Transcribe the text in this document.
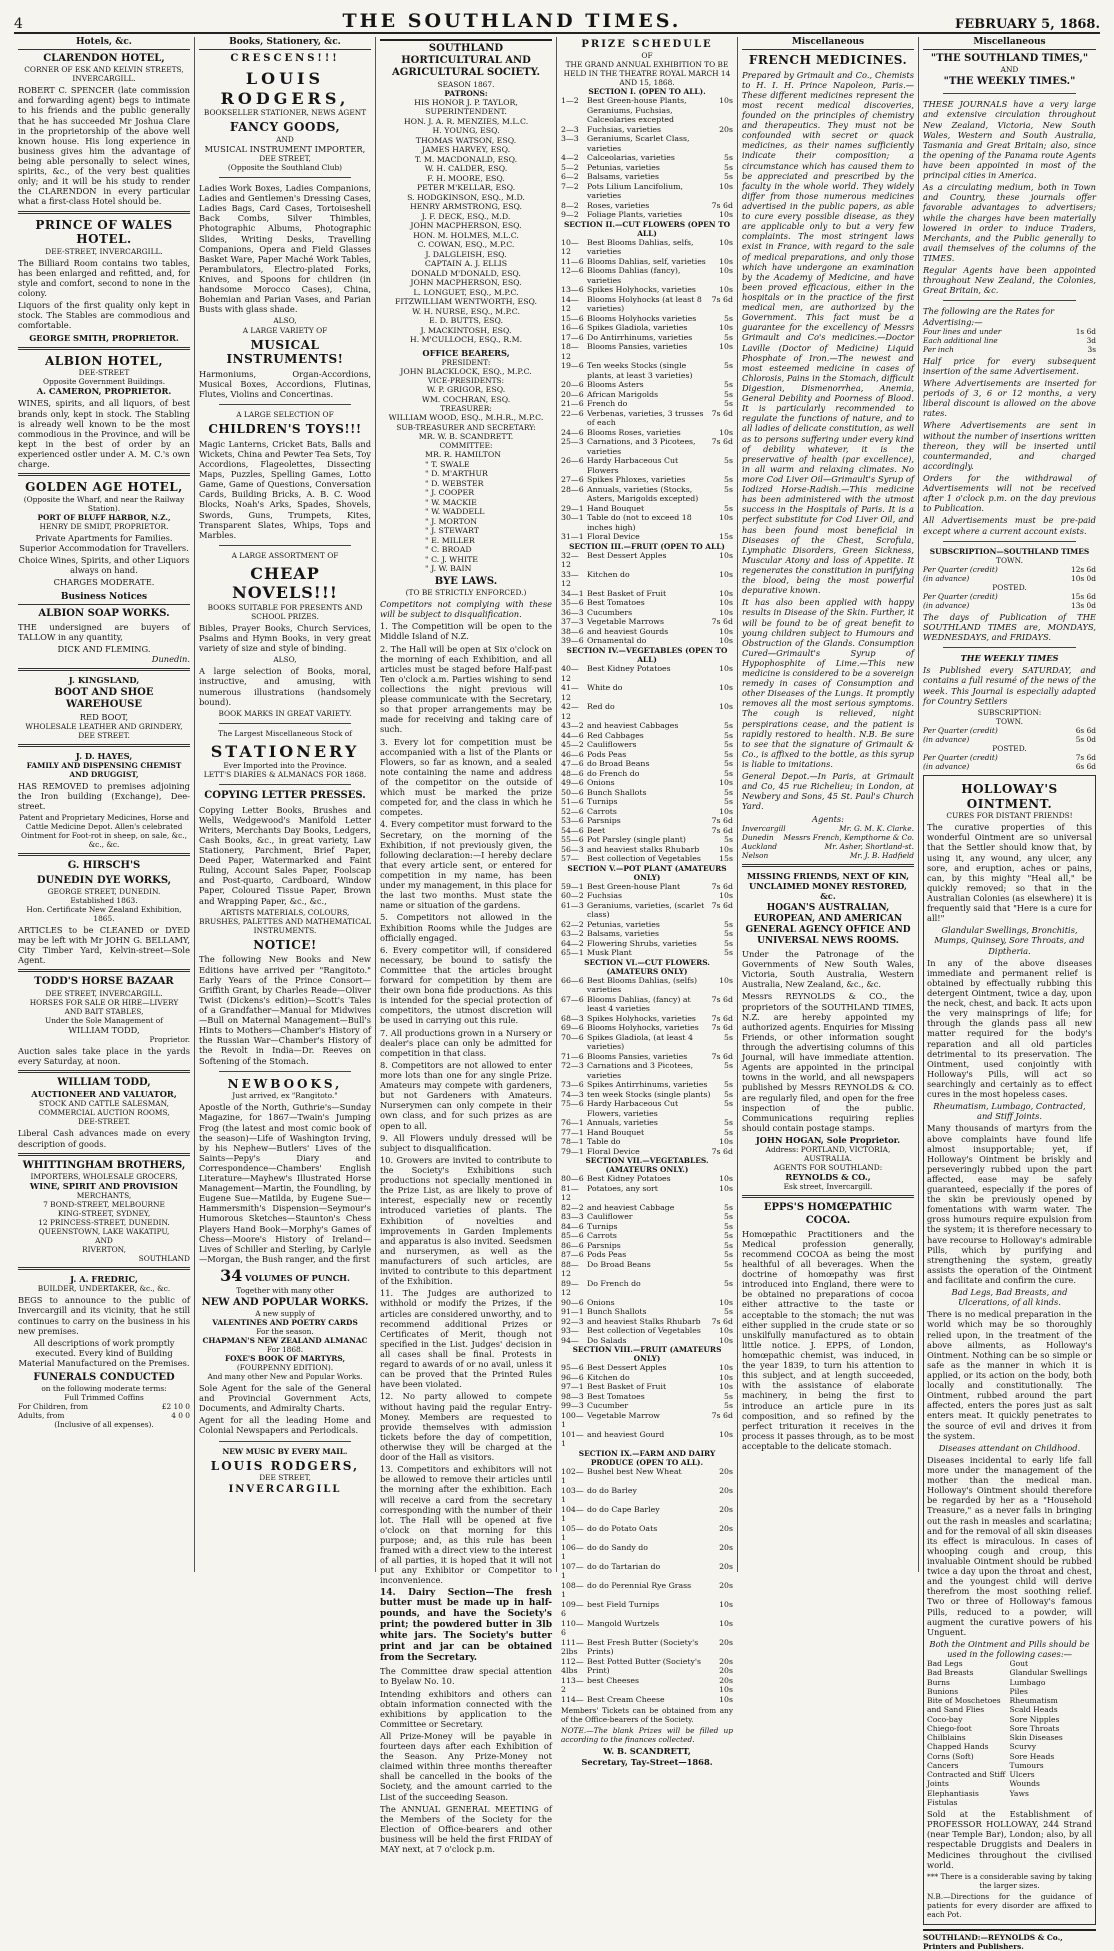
4	THE SOUTHLAND TIMES.	FEBRUARY 5, 1868.
Hotels, &c.
CLARENDON HOTEL,
CORNER OF ESK AND KELVIN STREETS,
INVERCARGILL.

ROBERT C. SPENCER (late commission and forwarding agent) begs to intimate to his friends and the public generally that he has succeeded Mr Joshua Clare in the proprietorship of the above well known house. His long experience in business gives him the advantage of being able personally to select wines, spirits, &c., of the very best qualities only; and it will be his study to render the CLARENDON in every particular what a first-class Hotel should be.

PRINCE OF WALES HOTEL.
DEE-STREET, INVERCARGILL.

The Billiard Room contains two tables, has been enlarged and refitted, and, for style and comfort, second to none in the colony.

Liquors of the first quality only kept in stock. The Stables are commodious and comfortable.

GEORGE SMITH, PROPRIETOR.
ALBION HOTEL,
DEE-STREET
Opposite Government Buildings.
A. CAMERON, PROPRIETOR.

WINES, spirits, and all liquors, of best brands only, kept in stock. The Stabling is already well known to be the most commodious in the Province, and will be kept in the best of order by an experienced ostler under A. M. C.'s own charge.

GOLDEN AGE HOTEL,
(Opposite the Wharf, and near the Railway Station).
PORT OF BLUFF HARBOR, N.Z.,
HENRY DE SMIDT, PROPRIETOR.

Private Apartments for Families. Superior Accommodation for Travellers.

Choice Wines, Spirits, and other Liquors always on hand.

CHARGES MODERATE.
Business Notices
ALBION SOAP WORKS.

THE undersigned are buyers of TALLOW in any quantity,

DICK AND FLEMING.
Dunedin.
J. KINGSLAND,
BOOT AND SHOE WAREHOUSE
RED BOOT,
WHOLESALE LEATHER AND GRINDERY,
DEE STREET.
J. D. HAYES,
FAMILY AND DISPENSING CHEMIST AND DRUGGIST,

HAS REMOVED to premises adjoining the Iron building (Exchange), Dee-street.

Patent and Proprietary Medicines, Horse and Cattle Medicine Depot. Allen's celebrated Ointment for Foot-rot in sheep, on sale, &c., &c., &c.

G. HIRSCH'S
DUNEDIN DYE WORKS,
GEORGE STREET, DUNEDIN.
Established 1863.
Hon. Certificate New Zealand Exhibition, 1865.

ARTICLES to be CLEANED or DYED may be left with Mr JOHN G. BELLAMY, City Timber Yard, Kelvin-street—Sole Agent.

TODD'S HORSE BAZAAR
DEE STREET, INVERCARGILL.
HORSES FOR SALE OR HIRE—LIVERY
AND BAIT STABLES,
Under the Sole Management of
WILLIAM TODD,
Proprietor.

Auction sales take place in the yards every Saturday, at noon.

WILLIAM TODD,
AUCTIONEER AND VALUATOR,
STOCK AND CATTLE SALESMAN,
COMMERCIAL AUCTION ROOMS,
DEE-STREET.

Liberal Cash advances made on every description of goods.

WHITTINGHAM BROTHERS,
IMPORTERS, WHOLESALE GROCERS,
WINE, SPIRIT AND PROVISION
MERCHANTS,
7 BOND-STREET, MELBOURNE
KING-STREET, SYDNEY,
12 PRINCESS-STREET, DUNEDIN.
QUEENSTOWN, LAKE WAKATIPU,
AND
RIVERTON,
SOUTHLAND
J. A. FREDRIC,
BUILDER, UNDERTAKER, &c., &c.

BEGS to announce to the public of Invercargill and its vicinity, that he still continues to carry on the business in his new premises.

All descriptions of work promptly executed. Every kind of Building Material Manufactured on the Premises.

FUNERALS CONDUCTED
on the following moderate terms:
Full Trimmed Coffins
For Children, from	£2 10 0
Adults, from	4 0 0
(Inclusive of all expenses).
Books, Stationery, &c.
CRESCENS!!!
LOUIS RODGERS,
BOOKSELLER STATIONER, NEWS AGENT
FANCY GOODS,
AND
MUSICAL INSTRUMENT IMPORTER,
DEE STREET,
(Opposite the Southland Club)

Ladies Work Boxes, Ladies Companions, Ladies and Gentlemen's Dressing Cases, Ladies Bags, Card Cases, Tortoiseshell Back Combs, Silver Thimbles, Photographic Albums, Photographic Slides, Writing Desks, Travelling Companions, Opera and Field Glasses Basket Ware, Paper Maché Work Tables, Perambulators, Electro-plated Forks, Knives, and Spoons for children (in handsome Morocco Cases), China, Bohemian and Parian Vases, and Parian Busts with glass shade.

ALSO,
A LARGE VARIETY OF
MUSICAL INSTRUMENTS!

Harmoniums, Organ-Accordions, Musical Boxes, Accordions, Flutinas, Flutes, Violins and Concertinas.

A LARGE SELECTION OF
CHILDREN'S TOYS!!!

Magic Lanterns, Cricket Bats, Balls and Wickets, China and Pewter Tea Sets, Toy Accordions, Flageolettes, Dissecting Maps, Puzzles, Spelling Games, Lotto Game, Game of Questions, Conversation Cards, Building Bricks, A. B. C. Wood Blocks, Noah's Arks, Spades, Shovels, Swords, Guns, Trumpets, Kites, Transparent Slates, Whips, Tops and Marbles.

A LARGE ASSORTMENT OF
CHEAP NOVELS!!!
BOOKS SUITABLE FOR PRESENTS AND SCHOOL PRIZES.

Bibles, Prayer Books, Church Services, Psalms and Hymn Books, in very great variety of size and style of binding.

ALSO,

A large selection of Books, moral, instructive, and amusing, with numerous illustrations (handsomely bound).

BOOK MARKS IN GREAT VARIETY.
The Largest Miscellaneous Stock of
STATIONERY
Ever Imported into the Province.
LETT'S DIARIES & ALMANACS FOR 1868.
COPYING LETTER PRESSES.

Copying Letter Books, Brushes and Wells, Wedgewood's Manifold Letter Writers, Merchants Day Books, Ledgers, Cash Books, &c., in great variety, Law Stationery, Parchment, Brief Paper, Deed Paper, Watermarked and Faint Ruling, Account Sales Paper, Foolscap and Post-quarto, Cardboard, Window Paper, Coloured Tissue Paper, Brown and Wrapping Paper, &c., &c.,

ARTISTS MATERIALS, COLOURS, BRUSHES, PALETTES AND MATHEMATICAL INSTRUMENTS.
NOTICE!

The following New Books and New Editions have arrived per "Rangitoto." Early Years of the Prince Consort—Griffith Grant, by Charles Reade—Oliver Twist (Dickens's edition)—Scott's Tales of a Grandfather—Manual for Midwives—Bull on Maternal Management—Bull's Hints to Mothers—Chamber's History of the Russian War—Chamber's History of the Revolt in India—Dr. Reeves on Softening of the Stomach.

NEWBOOKS,
Just arrived, ex "Rangitoto."

Apostle of the North, Guthrie's—Sunday Magazine, for 1867—Twain's Jumping Frog (the latest and most comic book of the season)—Life of Washington Irving, by his Nephew—Butlers' Lives of the Saints—Pepy's Diary and Correspondence—Chambers' English Literature—Mayhew's Illustrated Horse Management—Martin, the Foundling, by Eugene Sue—Matilda, by Eugene Sue—Hammersmith's Dispension—Seymour's Humorous Sketches—Staunton's Chess Players Hand Book—Morphy's Games of Chess—Moore's History of Ireland—Lives of Schiller and Sterling, by Carlyle—Morgan, the Bush ranger, and the first

34 VOLUMES OF PUNCH.
Together with many other
NEW AND POPULAR WORKS.
A new supply of
VALENTINES AND POETRY CARDS
For the season.
CHAPMAN'S NEW ZEALAND ALMANAC
For 1868.
FOXE'S BOOK OF MARTYRS,
(FOURPENNY EDITION).
And many other New and Popular Works.

Sole Agent for the sale of the General and Provincial Government Acts, Documents, and Admiralty Charts.

Agent for all the leading Home and Colonial Newspapers and Periodicals.

NEW MUSIC BY EVERY MAIL.
LOUIS RODGERS,
DEE STREET,
INVERCARGILL
SOUTHLAND HORTICULTURAL AND AGRICULTURAL SOCIETY.
SEASON 1867.
PATRONS:
HIS HONOR J. P. TAYLOR, SUPERINTENDENT.
HON. J. A. R. MENZIES, M.L.C.
H. YOUNG, ESQ.
THOMAS WATSON, ESQ.
JAMES HARVEY, ESQ.
T. M. MACDONALD, ESQ.
W. H. CALDER, ESQ.
F. H. MOORE, ESQ.
PETER M'KELLAR, ESQ.
S. HODGKINSON, ESQ., M.D.
HENRY ARMSTRONG, ESQ.
J. F. DECK, ESQ., M.D.
JOHN MACPHERSON, ESQ.
HON. M. HOLMES, M.L.C.
C. COWAN, ESQ., M.P.C.
J. DALGLEISH, ESQ.
CAPTAIN A. J. ELLIS
DONALD M'DONALD, ESQ.
JOHN MACPHERSON, ESQ.
L. LONGUET, ESQ., M.P.C.
FITZWILLIAM WENTWORTH, ESQ.
W. H. NURSE, ESQ., M.P.C.
E. D. BUTTS, ESQ.
J. MACKINTOSH, ESQ.
H. M'CULLOCH, ESQ., R.M.
OFFICE BEARERS,
PRESIDENT:
JOHN BLACKLOCK, ESQ., M.P.C.
VICE-PRESIDENTS:
W. P. GRIGOR, ESQ.
WM. COCHRAN, ESQ.
TREASURER:
WILLIAM WOOD, ESQ., M.H.R., M.P.C.
SUB-TREASURER AND SECRETARY:
MR. W. B. SCANDRETT.
COMMITTEE:
MR. R. HAMILTON
" T. SWALE
" D. M'ARTHUR
" D. WEBSTER
" J. COOPER
" W. MACKIE
" W. WADDELL
" J. MORTON
" J. STEWART
" E. MILLER
" C. BROAD
" C. J. WHITE
" J. W. BAIN
BYE LAWS.
(TO BE STRICTLY ENFORCED.)

Competitors not complying with these will be subject to disqualification.

1. The Competition will be open to the Middle Island of N.Z.

2. The Hall will be open at Six o'clock on the morning of each Exhibition, and all articles must be staged before Half-past Ten o'clock a.m. Parties wishing to send collections the night previous will please communicate with the Secretary, so that proper arrangements may be made for receiving and taking care of such.

3. Every lot for competition must be accompanied with a list of the Plants or Flowers, so far as known, and a sealed note containing the name and address of the competitor on the outside of which must be marked the prize competed for, and the class in which he competes.

4. Every competitor must forward to the Secretary, on the morning of the Exhibition, if not previously given, the following declaration:—I hereby declare that every article sent, or entered for competition in my name, has been under my management, in this place for the last two months. Must state the name or situation of the gardens.

5. Competitors not allowed in the Exhibition Rooms while the Judges are officially engaged.

6. Every competitor will, if considered necessary, be bound to satisfy the Committee that the articles brought forward for competition by them are their own bona fide productions. As this is intended for the special protection of competitors, the utmost discretion will be used in carrying out this rule.

7. All productions grown in a Nursery or dealer's place can only be admitted for competition in that class.

8. Competitors are not allowed to enter more lots than one for any single Prize. Amateurs may compete with gardeners, but not Gardeners with Amateurs. Nurserymen can only compete in their own class, and for such prizes as are open to all.

9. All Flowers unduly dressed will be subject to disqualification.

10. Growers are invited to contribute to the Society's Exhibitions such productions not specially mentioned in the Prize List, as are likely to prove of interest, especially new or recently introduced varieties of plants. The Exhibition of novelties and improvements in Garden Implements and apparatus is also invited. Seedsmen and nurserymen, as well as the manufacturers of such articles, are invited to contribute to this department of the Exhibition.

11. The Judges are authorized to withhold or modify the Prizes, if the articles are considered unworthy, and to recommend additional Prizes or Certificates of Merit, though not specified in the List. Judges' decision in all cases shall be final. Protests in regard to awards of or no avail, unless it can be proved that the Printed Rules have been violated.

12. No party allowed to compete without having paid the regular Entry-Money. Members are requested to provide themselves with admission tickets before the day of competition, otherwise they will be charged at the door of the Hall as visitors.

13. Competitors and exhibitors will not be allowed to remove their articles until the morning after the exhibition. Each will receive a card from the secretary corresponding with the number of their lot. The Hall will be opened at five o'clock on that morning for this purpose; and, as this rule has been framed with a direct view to the interest of all parties, it is hoped that it will not put any Exhibitor or Competitor to inconvenience.

14. Dairy Section—The fresh butter must be made up in half-pounds, and have the Society's print; the powdered butter in 3lb white jars. The Society's butter print and jar can be obtained from the Secretary.

The Committee draw special attention to Byelaw No. 10.

Intending exhibitors and others can obtain information connected with the exhibitions by application to the Committee or Secretary.

All Prize-Money will be payable in fourteen days after each Exhibition of the Season. Any Prize-Money not claimed within three months thereafter shall be cancelled in the books of the Society, and the amount carried to the List of the succeeding Season.

The ANNUAL GENERAL MEETING of the Members of the Society for the Election of Office-bearers and other business will be held the first FRIDAY of MAY next, at 7 o'clock p.m.

PRIZE SCHEDULE
OF
THE GRAND ANNUAL EXHIBITION TO BE HELD IN THE THEATRE ROYAL MARCH 14 AND 15, 1868.
SECTION I. (OPEN TO ALL).
1—2	Best Green-house Plants, Geraniums, Fuchsias, Calceolaries excepted
10s
2—3	Fuchsias, varieties	20s
3—3	Geraniums, Scarlet Class, varieties
4—2	Calceolarias, varieties	5s
5—2	Petunias, varieties	5s
6—2	Balsams, varieties	5s
7—2	Pots Lilium Lancifolium, varieties
10s
8—2	Roses, varieties	7s 6d
9—2	Foliage Plants, varieties	10s
SECTION II.—CUT FLOWERS (OPEN TO ALL)
10—12
Best Blooms Dahlias, selfs, varieties
10s
11—6 Blooms Dahlias, self, varieties	10s
12—6 Blooms Dahlias (fancy), varieties
10s
13—6 Spikes Holyhocks, varieties	10s
14—12
Blooms Holyhocks (at least 8 varieties)
7s 6d
15—6 Blooms Holyhocks varieties	5s
16—6 Spikes Gladiola, varieties	10s
17—6 Do Antirrhinums, varieties	5s
18—12
Blooms Pansies, varieties	10s
19—6 Ten weeks Stocks (single plants, at least 3 varieties)
5s
20—6 Blooms Asters	5s
20—6 African Marigolds	5s
21—6 French do	5s
22—6 Verbenas, varieties, 3 trusses of each
7s 6d
24—6 Blooms Roses, varieties	10s
25—3 Carnations, and 3 Picotees, varieties
7s 6d
26—6 Hardy Harbaceous Cut Flowers
5s
27—6 Spikes Phloxes, varieties	5s
28—6 Annuals, varieties (Stocks, Asters, Marigolds excepted)
5s
29—1 Hand Bouquet	5s
30—1 Table do (not to exceed 18 inches high)
10s
31—1 Floral Device	15s
SECTION III.—FRUIT (OPEN TO ALL)
32—12
Best Dessert Apples	10s
33—12
Kitchen do	10s
34—1 Best Basket of Fruit	10s
35—6 Best Tomatoes	10s
36—3 Cucumbers	10s
37—3 Vegetable Marrows	7s 6d
38—6 and heaviest Gourds	10s
39—6 Ornamental do	10s
SECTION IV.—VEGETABLES (OPEN TO ALL)
40—12
Best Kidney Potatoes	10s
41—12
White do	10s
42—12
Red do	10s
43—2 and heaviest Cabbages	5s
44—6 Red Cabbages	5s
45—2 Cauliflowers	5s
46—6 Pods Peas	5s
47—6 do Broad Beans	5s
48—6 do French do	5s
49—6 Onions	10s
50—6 Bunch Shallots	5s
51—6 Turnips	5s
52—6 Carrots	10s
53—6 Parsnips	7s 6d
54—6 Beet	7s 6d
55—6 Pot Parsley (single plant)	5s
56—3 and heaviest stalks Rhubarb	10s
57—	Best collection of Vegetables	15s
SECTION V.—POT PLANT (AMATEURS ONLY)
59—1 Best Green-house Plant	7s 6d
60—2 Fuchsias	10s
61—3 Geraniums, varieties, (scarlet class)
7s 6d
62—2 Petunias, varieties	5s
63—2 Balsams, varieties	5s
64—2 Flowering Shrubs, varieties	5s
65—1 Musk Plant	5s
SECTION VI.—CUT FLOWERS. (AMATEURS ONLY)
66—6 Best Blooms Dahlias, (selfs) varieties
10s
67—6 Blooms Dahlias, (fancy) at least 4 varieties
7s 6d
68—3 Spikes Holyhocks, varieties	7s 6d
69—6 Blooms Holyhocks, varieties	7s 6d
70—6 Spikes Gladiola, (at least 4 varieties)
5s
71—6 Blooms Pansies, varieties	7s 6d
72—3 Carnations and 3 Picotees, varieties
5s
73—6 Spikes Antirrhinums, varieties	5s
74—3 ten week Stocks (single plants)	5s
75—6 Hardy Harbaceous Cut Flowers, varieties
5s
76—1 Annuals, varieties	5s
77—1 Hand Bouquet	5s
78—1 Table do	10s
79—1 Floral Device	7s 6d
SECTION VII.—VEGETABLES. (AMATEURS ONLY.)
80—6 Best Kidney Potatoes	10s
81—12
Potatoes, any sort	10s
82—2 and heaviest Cabbage	5s
83—3 Cauliflower	5s
84—6 Turnips	5s
85—6 Carrots	5s
86—6 Parsnips	5s
87—6 Pods Peas	5s
88—12
Do Broad Beans	5s
89—12
Do French do	5s
90—6 Onions	10s
91—1 Bunch Shallots	5s
92—3 and heaviest Stalks Rhubarb	7s 6d
93—	Best collection of Vegetables	10s
94—	Do Salads	10s
SECTION VIII.—FRUIT (AMATEURS ONLY)
95—6 Best Dessert Apples	10s
96—6 Kitchen do	10s
97—1 Best Basket of Fruit	10s
98—3 Best Tomatoes	5s
99—3 Cucumber	5s
100—1
Vegetable Marrow	7s 6d
101—1
and heaviest Gourd	10s
SECTION IX.—FARM AND DAIRY PRODUCE (OPEN TO ALL).
102—1
Bushel best New Wheat	20s
103—1
do do Barley	20s
104—1
do do Cape Barley	20s
105—1
do do Potato Oats	20s
106—1
do do Sandy do	20s
107—1
do do Tartarian do	20s
108—1
do do Perennial Rye Grass	20s
109—6
best Field Turnips	10s
110—6
Mangold Wurtzels	10s
111—2lbs
Best Fresh Butter (Society's Prints)
20s
112—4lbs
Best Potted Butter (Society's Print)
20s 20s
113—2
best Cheeses	20s 10s
114— Best Cream Cheese	10s

Members' Tickets can be obtained from any of the Office-bearers of the Society.

NOTE.—The blank Prizes will be filled up according to the finances collected.

W. B. SCANDRETT,
Secretary, Tay-Street—1868.
Miscellaneous
FRENCH MEDICINES.

Prepared by Grimault and Co., Chemists to H. I. H. Prince Napoleon, Paris.—These different medicines represent the most recent medical discoveries, founded on the principles of chemistry and therapeutics. They must not be confounded with secret or quack medicines, as their names sufficiently indicate their composition; a circumstance which has caused them to be appreciated and prescribed by the faculty in the whole world. They widely differ from those numerous medicines advertised in the public papers, as able to cure every possible disease, as they are applicable only to but a very few complaints. The most stringent laws exist in France, with regard to the sale of medical preparations, and only those which have undergone an examination by the Academy of Medicine, and have been proved efficacious, either in the hospitals or in the practice of the first medical men, are authorized by the Government. This fact must be a guarantee for the excellency of Messrs Grimault and Co's medicines.—Doctor Laville (Doctor of Medicine) Liquid Phosphate of Iron.—The newest and most esteemed medicine in cases of Chlorosis, Pains in the Stomach, difficult Digestion, Dismenorrhea, Anemia, General Debility and Poorness of Blood. It is particularly recommended to regulate the functions of nature, and to all ladies of delicate constitution, as well as to persons suffering under every kind of debility whatever, it is the preservative of health (par excellence), in all warm and relaxing climates. No more Cod Liver Oil—Grimault's Syrup of Iodized Horse-Radish.—This medicine has been administered with the utmost success in the Hospitals of Paris. It is a perfect substitute for Cod Liver Oil, and has been found most beneficial in Diseases of the Chest, Scrofula, Lymphatic Disorders, Green Sickness, Muscular Atony and loss of Appetite. It regenerates the constitution in purifying the blood, being the most powerful depurative known.

It has also been applied with happy results in Disease of the Skin. Further, it will be found to be of great benefit to young children subject to Humours and Obstruction of the Glands. Consumption Cured—Grimault's Syrup of Hypophosphite of Lime.—This new medicine is considered to be a sovereign remedy in cases of Consumption and other Diseases of the Lungs. It promptly removes all the most serious symptoms. The cough is relieved, night perspirations cease, and the patient is rapidly restored to health. N.B. Be sure to see that the signature of Grimault & Co., is affixed to the bottle, as this syrup is liable to imitations.

General Depot.—In Paris, at Grimault and Co, 45 rue Richelieu; in London, at Newbery and Sons, 45 St. Paul's Church Yard.

Agents:
Invercargill	Mr. G. M. K. Clarke.
Dunedin Messrs French, Kempthorne & Co.
Auckland	Mr. Asher, Shortland-st.
Nelson	Mr. J. B. Hadfield
MISSING FRIENDS, NEXT OF KIN, UNCLAIMED MONEY RESTORED, &c.
HOGAN'S AUSTRALIAN, EUROPEAN, AND AMERICAN GENERAL AGENCY OFFICE AND UNIVERSAL NEWS ROOMS.

Under the Patronage of the Governments of New South Wales, Victoria, South Australia, Western Australia, New Zealand, &c., &c.

Messrs REYNOLDS & CO., the proprietors of the SOUTHLAND TIMES, N.Z. are hereby appointed my authorized agents. Enquiries for Missing Friends, or other information sought through the advertising columns of this Journal, will have immediate attention. Agents are appointed in the principal towns in the world, and all newspapers published by Messrs REYNOLDS & CO. are regularly filed, and open for the free inspection of the public. Communications requiring replies should contain postage stamps.

JOHN HOGAN, Sole Proprietor.
Address: PORTLAND, VICTORIA, AUSTRALIA.
AGENTS FOR SOUTHLAND:
REYNOLDS & CO.,
Esk street, Invercargill.
EPPS'S HOMŒPATHIC COCOA.

Homœpathic Practitioners and the Medical profession generally, recommend COCOA as being the most healthful of all beverages. When the doctrine of homœpathy was first introduced into England, there were to be obtained no preparations of cocoa either attractive to the taste or acceptable to the stomach; the nut was either supplied in the crude state or so unskilfully manufactured as to obtain little notice. J. EPPS, of London, homœpathic chemist, was induced, in the year 1839, to turn his attention to this subject, and at length succeeded, with the assistance of elaborate machinery, in being the first to introduce an article pure in its composition, and so refined by the perfect trituration it receives in the process it passes through, as to be most acceptable to the delicate stomach.

Miscellaneous
"THE SOUTHLAND TIMES,"
AND
"THE WEEKLY TIMES."

THESE JOURNALS have a very large and extensive circulation throughout New Zealand, Victoria, New South Wales, Western and South Australia, Tasmania and Great Britain; also, since the opening of the Panama route Agents have been appointed in most of the principal cities in America.

As a circulating medium, both in Town and Country, these journals offer favorable advantages to advertisers; while the charges have been materially lowered in order to induce Traders, Merchants, and the Public generally to avail themselves of the columns of the TIMES.

Regular Agents have been appointed throughout New Zealand, the Colonies, Great Britain, &c.

The following are the Rates for Advertising:—
Four lines and under	1s 6d
Each additional line	3d
Per inch	3s

Half price for every subsequent insertion of the same Advertisement.

Where Advertisements are inserted for periods of 3, 6 or 12 months, a very liberal discount is allowed on the above rates.

Where Advertisements are sent in without the number of insertions written thereon, they will be inserted until countermanded, and charged accordingly.

Orders for the withdrawal of Advertisements will not be received after 1 o'clock p.m. on the day previous to Publication.

All Advertisements must be pre-paid except where a current account exists.

SUBSCRIPTION—SOUTHLAND TIMES
TOWN.
Per Quarter (credit)	12s 6d
(in advance)	10s 0d
POSTED.
Per Quarter (credit)	15s 6d
(in advance)	13s 0d

The days of Publication of THE SOUTHLAND TIMES are, MONDAYS, WEDNESDAYS, and FRIDAYS.

THE WEEKLY TIMES

Is Published every SATURDAY, and contains a full resumé of the news of the week. This Journal is especially adapted for Country Settlers

SUBSCRIPTION:
TOWN.
Per Quarter (credit)	6s 6d
(in advance)	5s 0d
POSTED.
Per Quarter (credit)	7s 6d
(in advance)	6s 6d
HOLLOWAY'S OINTMENT.
CURES FOR DISTANT FRIENDS!

The curative properties of this wonderful Ointment are so universal that the Settler should know that, by using it, any wound, any ulcer, any sore, and eruption, aches or pains, can, by this mighty "Heal all," be quickly removed; so that in the Australian Colonies (as elsewhere) it is frequently said that "Here is a cure for all!"

Glandular Swellings, Bronchitis, Mumps, Quinsey, Sore Throats, and Diptheria.

In any of the above diseases immediate and permanent relief is obtained by effectually rubbing this detergent Ointment, twice a day, upon the neck, chest, and back. It acts upon the very mainsprings of life; for through the glands pass all new matter required for the body's reparation and all old particles detrimental to its preservation. The Ointment, used conjointly with Holloway's Pills, will act so searchingly and certainly as to effect cures in the most hopeless cases.

Rheumatism, Lumbago, Contracted, and Stiff Joints.

Many thousands of martyrs from the above complaints have found life almost insupportable; yet, if Holloway's Ointment be briskly and perseveringly rubbed upon the part affected, ease may be safely guaranteed, especially if the pores of the skin be previously opened by fomentations with warm water. The gross humours require expulsion from the system; it is therefore necessary to have recourse to Holloway's admirable Pills, which by purifying and strengthening the system, greatly assists the operation of the Ointment and facilitate and confirm the cure.

Bad Legs, Bad Breasts, and Ulcerations, of all kinds.

There is no medical preparation in the world which may be so thoroughly relied upon, in the treatment of the above ailments, as Holloway's Ointment. Nothing can be so simple or safe as the manner in which it is applied, or its action on the body, both locally and constitutionally. The Ointment, rubbed around the part affected, enters the pores just as salt enters meat. It quickly penetrates to the source of evil and drives it from the system.

Diseases attendant on Childhood.

Diseases incidental to early life fall more under the management of the mother than the medical man. Holloway's Ointment should therefore be regarded by her as a "Household Treasure," as a never fails in bringing out the rash in measles and scarlatina; and for the removal of all skin diseases its effect is miraculous. In cases of whooping cough and croup, this invaluable Ointment should be rubbed twice a day upon the throat and chest, and the youngest child will derive therefrom the most soothing relief. Two or three of Holloway's famous Pills, reduced to a powder, will augment the curative powers of his Unguent.

Both the Ointment and Pills should be used in the following cases:—
Bad Legs
Bad Breasts
Burns
Bunions
Bite of Moschetoes and Sand Flies
Coco-bay
Chiego-foot
Chilblains
Chapped Hands
Corns (Soft)
Cancers
Contracted and Stiff Joints
Elephantiasis
Fistulas
Gout
Glandular Swellings
Lumbago
Piles
Rheumatism
Scald Heads
Sore Nipples
Sore Throats
Skin Diseases
Scurvy
Sore Heads
Tumours
Ulcers
Wounds
Yaws

Sold at the Establishment of PROFESSOR HOLLOWAY, 244 Strand (near Temple Bar), London; also, by all respectable Druggists and Dealers in Medicines throughout the civilised world.

*** There is a considerable saving by taking the larger sizes.

N.B.—Directions for the guidance of patients for every disorder are affixed to each Pot.

SOUTHLAND:—REYNOLDS & Co., Printers and Publishers.
